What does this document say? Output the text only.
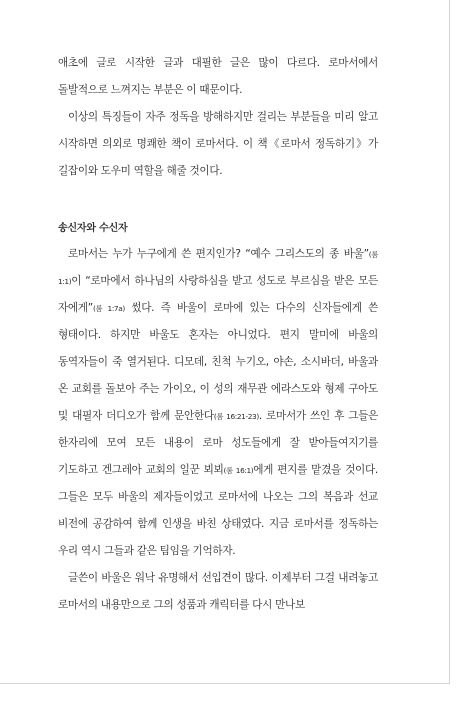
애초에 글로 시작한 글과 대필한 글은 많이 다르다. 로마서에서 돌발적으로 느껴지는 부분은 이 때문이다.

이상의 특징들이 자주 정독을 방해하지만 걸리는 부분들을 미리 알고 시작하면 의외로 명쾌한 책이 로마서다. 이 책《로마서 정독하기》가 길잡이와 도우미 역할을 해줄 것이다.

송신자와 수신자

로마서는 누가 누구에게 쓴 편지인가? “예수 그리스도의 종 바울”(롬 1:1)이 “로마에서 하나님의 사랑하심을 받고 성도로 부르심을 받은 모든 자에게”(롬 1:7a) 썼다. 즉 바울이 로마에 있는 다수의 신자들에게 쓴 형태이다. 하지만 바울도 혼자는 아니었다. 편지 말미에 바울의 동역자들이 죽 열거된다. 디모데, 친척 누기오, 야손, 소시바더, 바울과 온 교회를 돌보아 주는 가이오, 이 성의 재무관 에라스도와 형제 구아도 및 대필자 더디오가 함께 문안한다(롬 16:21-23). 로마서가 쓰인 후 그들은 한자리에 모여 모든 내용이 로마 성도들에게 잘 받아들여지기를 기도하고 겐그레아 교회의 일꾼 뵈뵈(롬 16:1)에게 편지를 맡겼을 것이다. 그들은 모두 바울의 제자들이었고 로마서에 나오는 그의 복음과 선교 비전에 공감하여 함께 인생을 바친 상태였다. 지금 로마서를 정독하는 우리 역시 그들과 같은 팀임을 기억하자.

글쓴이 바울은 워낙 유명해서 선입견이 많다. 이제부터 그걸 내려놓고 로마서의 내용만으로 그의 성품과 캐릭터를 다시 만나보
